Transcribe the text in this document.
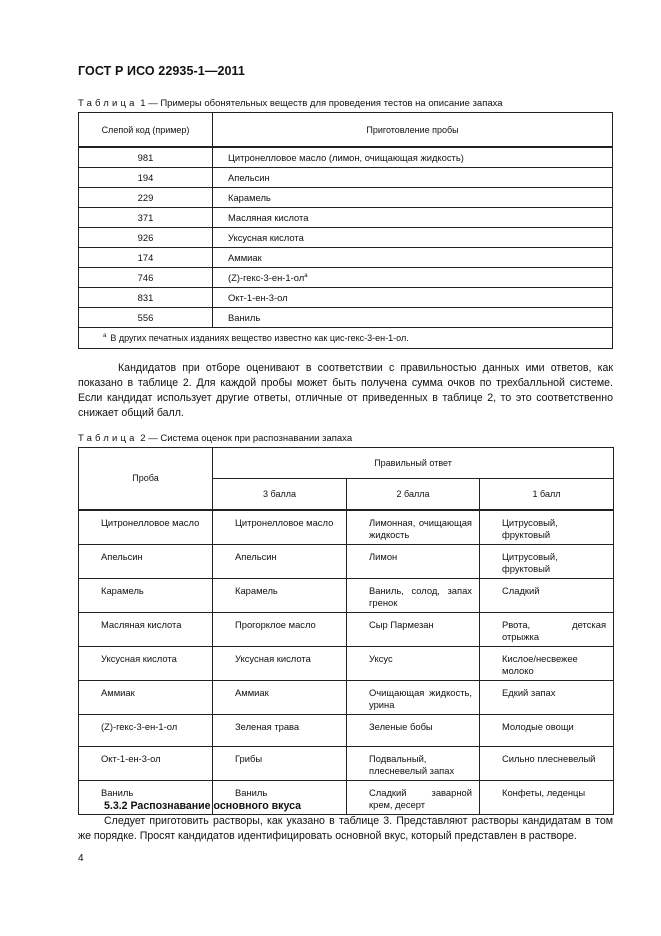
ГОСТ Р ИСО 22935-1—2011
Таблица 1 — Примеры обонятельных веществ для проведения тестов на описание запаха
Слепой код (пример)	Приготовление пробы
981	Цитронелловое масло (лимон, очищающая жидкость)
194	Апельсин
229	Карамель
371	Масляная кислота
926	Уксусная кислота
174	Аммиак
746	$(Z)-гекс-3-ен-1-ол^а$
831	Окт-1-ен-3-ол
556	Ваниль
$^а$ В других печатных изданиях вещество известно как цис-гекс-3-ен-1-ол.	
Кандидатов при отборе оценивают в соответствии с правильностью данных ими ответов, как показано в таблице 2. Для каждой пробы может быть получена сумма очков по трехбалльной системе. Если кандидат использует другие ответы, отличные от приведенных в таблице 2, то это соответственно снижает общий балл.
Таблица 2 — Система оценок при распознавании запаха
Проба	Правильный ответ		
	3 балла	2 балла	1 балл
Цитронелловое масло	Цитронелловое масло	Лимонная, очищающая жидкость	Цитрусовый, фруктовый
Апельсин	Апельсин	Лимон	Цитрусовый, фруктовый
Карамель	Карамель	Ваниль, солод, запах гренок	Сладкий
Масляная кислота	Прогорклое масло	Сыр Пармезан	Рвота, детская отрыжка
Уксусная кислота	Уксусная кислота	Уксус	Кислое/несвежее молоко
Аммиак	Аммиак	Очищающая жидкость, урина	Едкий запах
(Z)-гекс-3-ен-1-ол	Зеленая трава	Зеленые бобы	Молодые овощи
Окт-1-ен-3-ол	Грибы	Подвальный, плесневелый запах	Сильно плесневелый
Ваниль	Ваниль	Сладкий заварной крем, десерт	Конфеты, леденцы
5.3.2 Распознавание основного вкуса
Следует приготовить растворы, как указано в таблице 3. Представляют растворы кандидатам в том же порядке. Просят кандидатов идентифицировать основной вкус, который представлен в растворе.
4
